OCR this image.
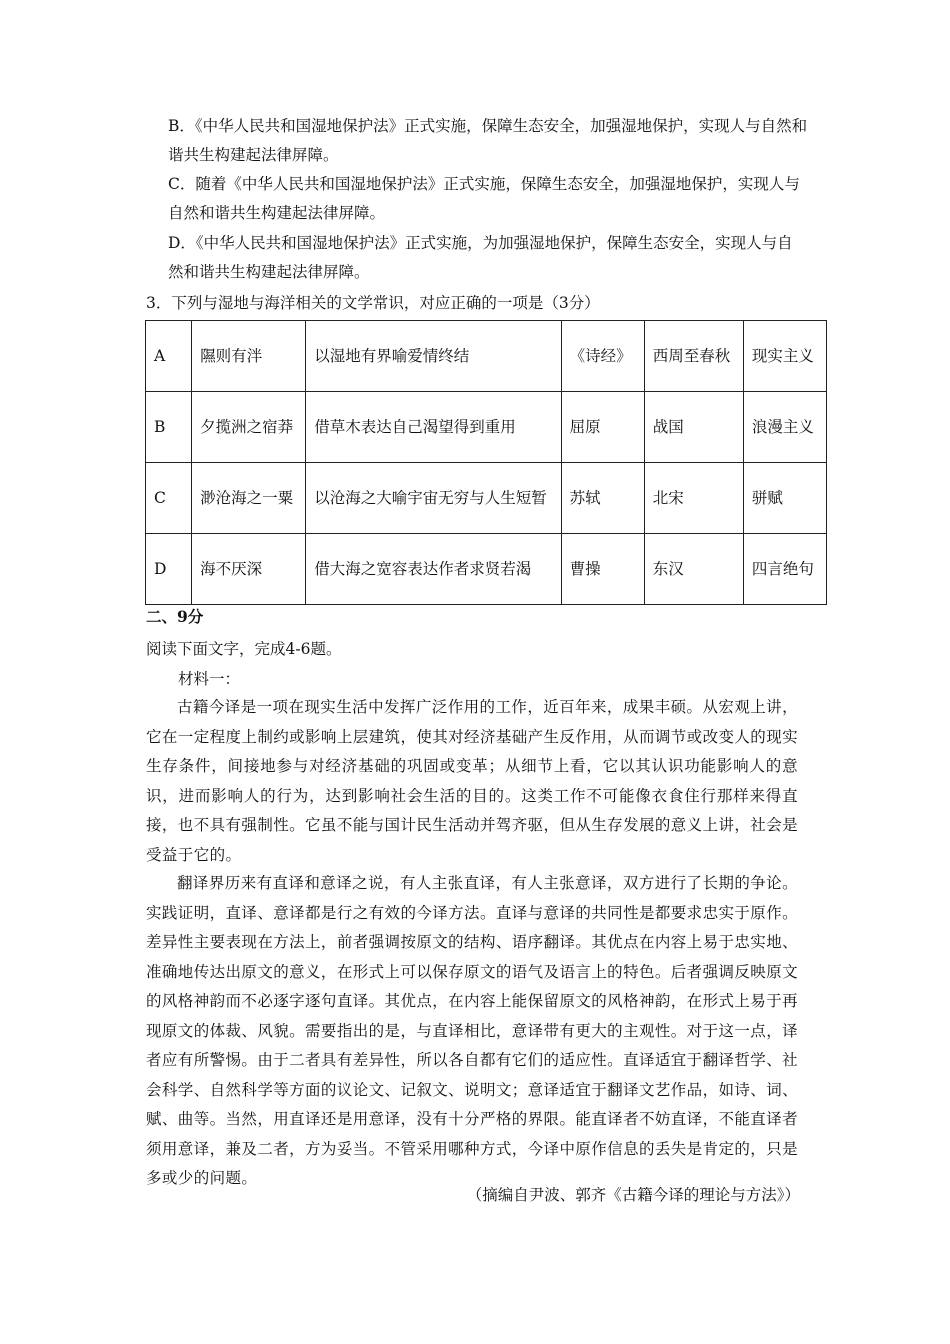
B．《中华人民共和国湿地保护法》正式实施，保障生态安全，加强湿地保护，实现人与自然和谐共生构建起法律屏障。
C．随着《中华人民共和国湿地保护法》正式实施，保障生态安全，加强湿地保护，实现人与自然和谐共生构建起法律屏障。
D．《中华人民共和国湿地保护法》正式实施，为加强湿地保护，保障生态安全，实现人与自然和谐共生构建起法律屏障。
3．下列与湿地与海洋相关的文学常识，对应正确的一项是（3分）
A	隰则有泮	以湿地有界喻爱情终结	《诗经》	西周至春秋	现实主义
B	夕揽洲之宿莽	借草木表达自己渴望得到重用	屈原	战国	浪漫主义
C	渺沧海之一粟	以沧海之大喻宇宙无穷与人生短暂	苏轼	北宋	骈赋
D	海不厌深	借大海之宽容表达作者求贤若渴	曹操	东汉	四言绝句
二、9分
阅读下面文字，完成4-6题。
材料一：
古籍今译是一项在现实生活中发挥广泛作用的工作，近百年来，成果丰硕。从宏观上讲，它在一定程度上制约或影响上层建筑，使其对经济基础产生反作用，从而调节或改变人的现实生存条件，间接地参与对经济基础的巩固或变革；从细节上看，它以其认识功能影响人的意识，进而影响人的行为，达到影响社会生活的目的。这类工作不可能像衣食住行那样来得直接，也不具有强制性。它虽不能与国计民生活动并驾齐驱，但从生存发展的意义上讲，社会是受益于它的。
翻译界历来有直译和意译之说，有人主张直译，有人主张意译，双方进行了长期的争论。实践证明，直译、意译都是行之有效的今译方法。直译与意译的共同性是都要求忠实于原作。差异性主要表现在方法上，前者强调按原文的结构、语序翻译。其优点在内容上易于忠实地、准确地传达出原文的意义，在形式上可以保存原文的语气及语言上的特色。后者强调反映原文的风格神韵而不必逐字逐句直译。其优点，在内容上能保留原文的风格神韵，在形式上易于再现原文的体裁、风貌。需要指出的是，与直译相比，意译带有更大的主观性。对于这一点，译者应有所警惕。由于二者具有差异性，所以各自都有它们的适应性。直译适宜于翻译哲学、社会科学、自然科学等方面的议论文、记叙文、说明文；意译适宜于翻译文艺作品，如诗、词、赋、曲等。当然，用直译还是用意译，没有十分严格的界限。能直译者不妨直译，不能直译者须用意译，兼及二者，方为妥当。不管采用哪种方式，今译中原作信息的丢失是肯定的，只是多或少的问题。
（摘编自尹波、郭齐《古籍今译的理论与方法》）
